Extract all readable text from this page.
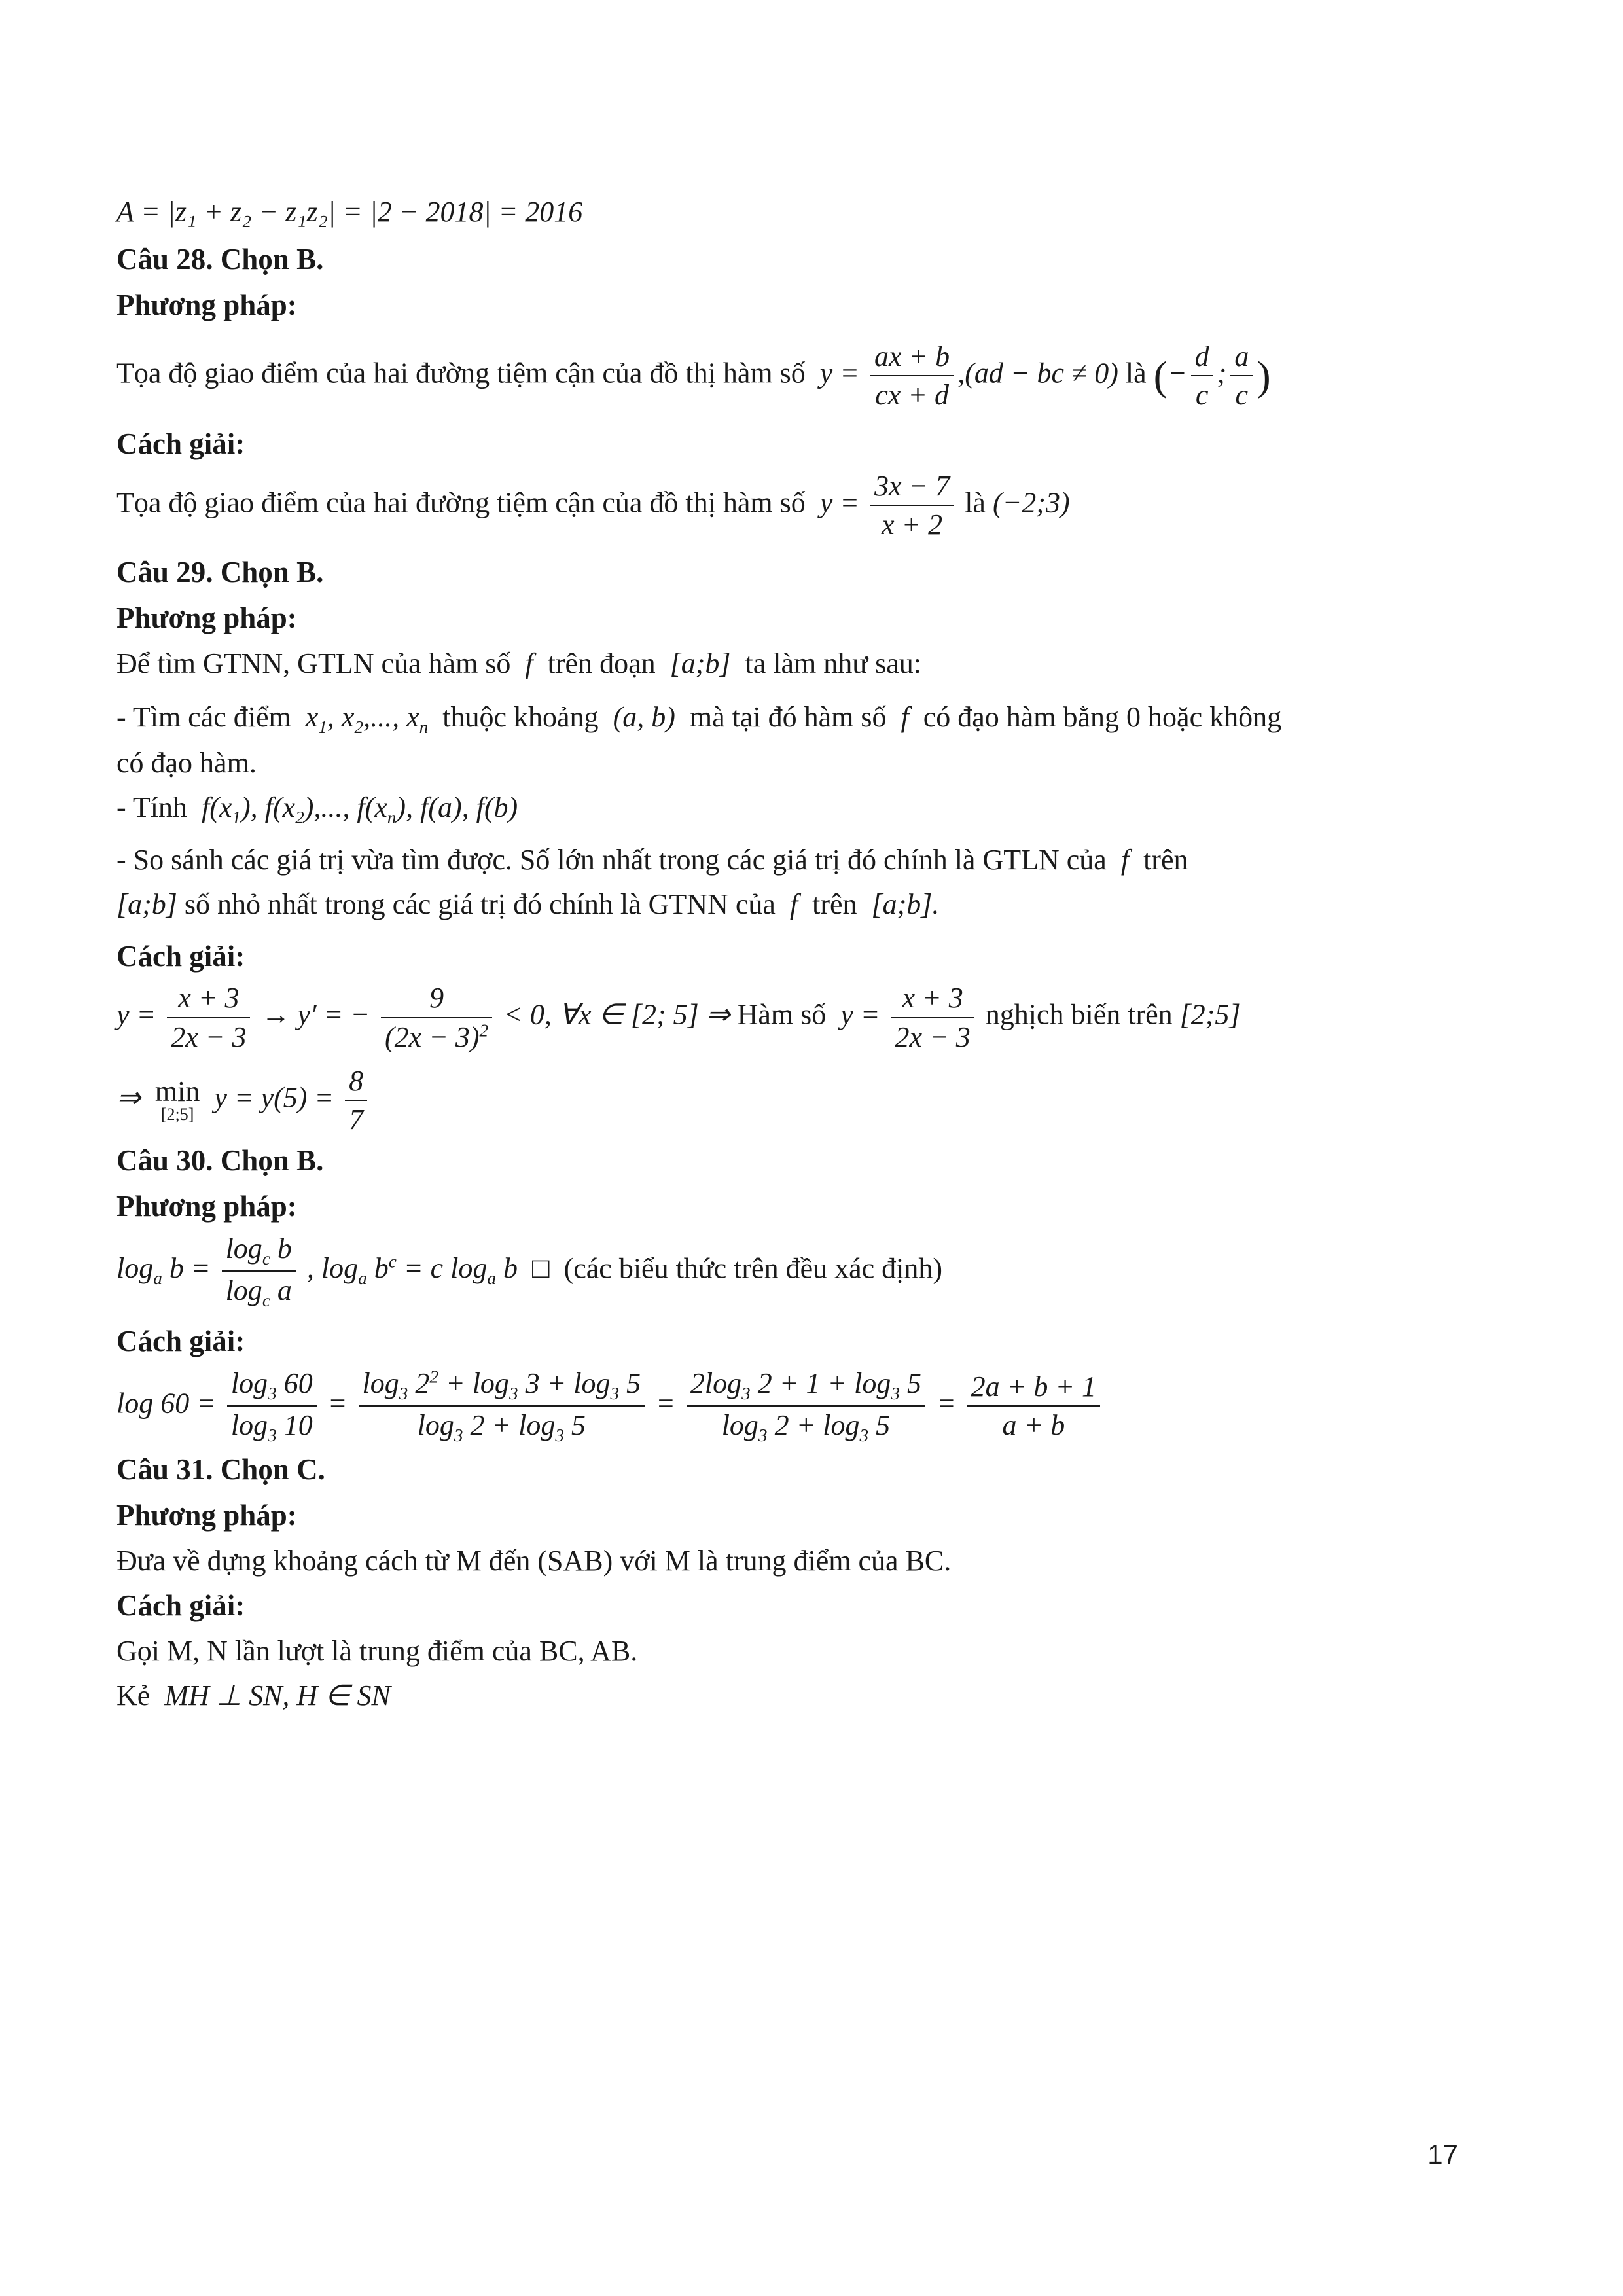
A = |z₁ + z₂ − z₁z₂| = |2 − 2018| = 2016
Câu 28. Chọn B.
Phương pháp:
Tọa độ giao điểm của hai đường tiệm cận của đồ thị hàm số  $y = \frac{ax + b}{cx + d} ,(ad$ − bc ≠ 0) là (− $\frac{d}{c}$ ; $\frac{a}{c}$ )
Cách giải:
Tọa độ giao điểm của hai đường tiệm cận của đồ thị hàm số  $y = \frac{3x - 7}{x + 2}$ là (−2;3)
Câu 29. Chọn B.
Phương pháp:
Để tìm GTNN, GTLN của hàm số  f  trên đoạn  [a;b]  ta làm như sau:
- Tìm các điểm  $x_1$, $x_2$,..., $x_n$ thuộc khoảng  (a, b)  mà tại đó hàm số  f  có đạo hàm bằng 0 hoặc không
có đạo hàm.
- Tính  $f(x_1)$, $f(x_2)$,..., $f(x_n)$, f(a), f(b)
- So sánh các giá trị vừa tìm được. Số lớn nhất trong các giá trị đó chính là GTLN của  f  trên
[a;b] số nhỏ nhất trong các giá trị đó chính là GTNN của  f  trên  [a;b].
Cách giải:
$y = \frac{x + 3}{2x - 3} \to y'$ = − $\frac{9}{(2x - 3)^2} < 0$, ∀x ∈ [2; 5] ⇒ Hàm số  $y = \frac{x + 3}{2x - 3}$ nghịch biến trên [2;5]
⇒  min
[2;5]
$y = y(5) = \frac{8}{7}$
Câu 30. Chọn B.
Phương pháp:
$\log_a b = \frac{\log_c b}{\log_c a}$ , $\log_a b^c = c$ $\log_a b$  □  (các biểu thức trên đều xác định)
Cách giải:
$\log 60 = \frac{\log_3 60}{\log_3 10} = \frac{\log_3 2^2 + \log_3 3 + \log_3 5}{\log_3 2 + \log_3 5} = \frac{2\log_3 2 + 1 + \log_3 5}{\log_3 2 + \log_3 5} = \frac{2a + b + 1}{a + b}$
Câu 31. Chọn C.
Phương pháp:
Đưa về dựng khoảng cách từ M đến (SAB) với M là trung điểm của BC.
Cách giải:
Gọi M, N lần lượt là trung điểm của BC, AB.
Kẻ  MH ⊥ SN, H ∈ SN
17
